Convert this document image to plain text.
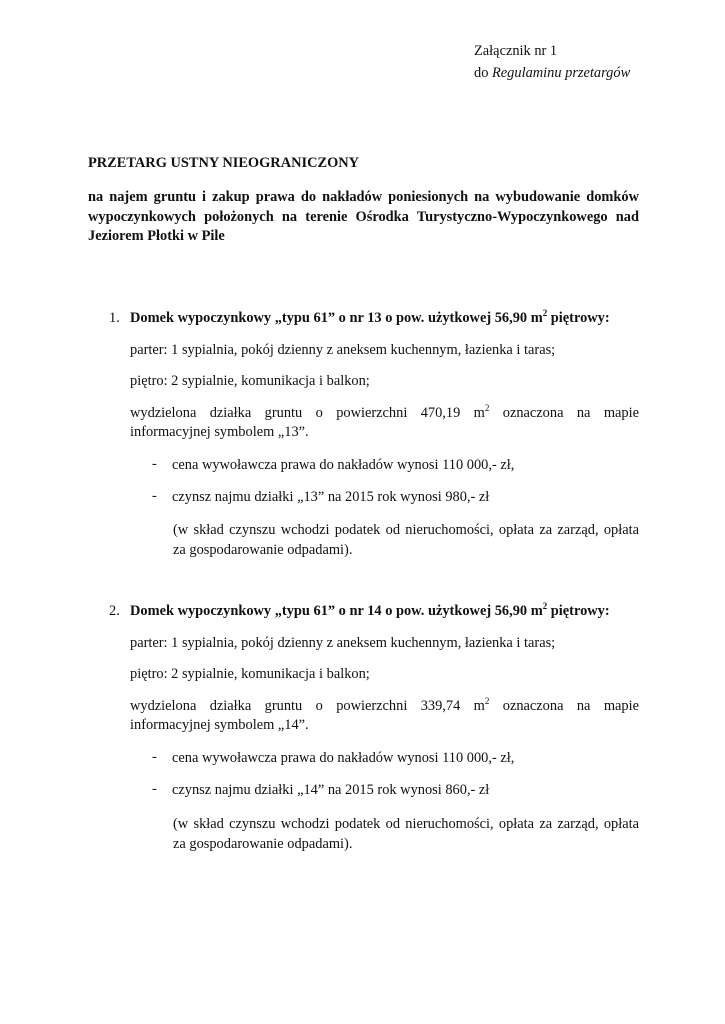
Załącznik nr 1
do Regulaminu przetargów
PRZETARG USTNY NIEOGRANICZONY
na najem gruntu i zakup prawa do nakładów poniesionych na wybudowanie domków wypoczynkowych położonych na terenie Ośrodka Turystyczno-Wypoczynkowego nad Jeziorem Płotki w Pile
1. Domek wypoczynkowy „typu 61” o nr 13 o pow. użytkowej 56,90 $m^2$ piętrowy:
parter: 1 sypialnia, pokój dzienny z aneksem kuchennym, łazienka i taras;
piętro: 2 sypialnie, komunikacja i balkon;
wydzielona działka gruntu o powierzchni 470,19 $m^2$ oznaczona na mapie
informacyjnej symbolem „13”.
- cena wywoławcza prawa do nakładów wynosi 110 000,- zł,
- czynsz najmu działki „13” na 2015 rok wynosi 980,- zł
(w skład czynszu wchodzi podatek od nieruchomości, opłata za zarząd, opłata
za gospodarowanie odpadami).
2. Domek wypoczynkowy „typu 61” o nr 14 o pow. użytkowej 56,90 $m^2$ piętrowy:
parter: 1 sypialnia, pokój dzienny z aneksem kuchennym, łazienka i taras;
piętro: 2 sypialnie, komunikacja i balkon;
wydzielona działka gruntu o powierzchni 339,74 $m^2$ oznaczona na mapie
informacyjnej symbolem „14”.
- cena wywoławcza prawa do nakładów wynosi 110 000,- zł,
- czynsz najmu działki „14” na 2015 rok wynosi 860,- zł
(w skład czynszu wchodzi podatek od nieruchomości, opłata za zarząd, opłata
za gospodarowanie odpadami).
